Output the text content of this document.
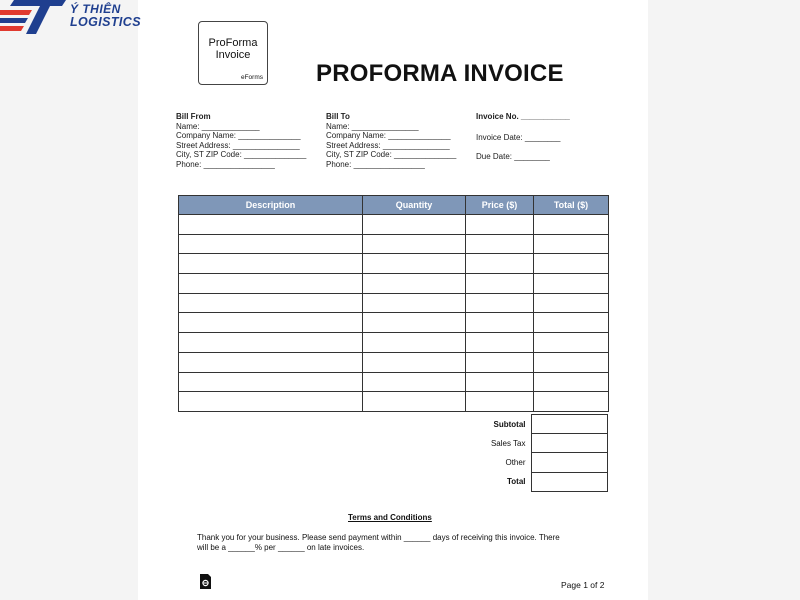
Ý THIÊN
LOGISTICS
ProForma
Invoice
eForms PROFORMA INVOICE
Bill From
Name: _____________
Company Name: ______________
Street Address: _______________
City, ST ZIP Code: ______________
Phone: ________________
Bill To
Name: _______________
Company Name: ______________
Street Address: _______________
City, ST ZIP Code: ______________
Phone: ________________
Invoice No. ___________
Invoice Date: ________
Due Date: ________
Description	Quantity	Price ($)	Total ($)

Subtotal	
Sales Tax	
Other	
Total	
Terms and Conditions
Thank you for your business. Please send payment within ______ days of receiving this invoice. There
will be a ______% per ______ on late invoices.
Page 1 of 2
